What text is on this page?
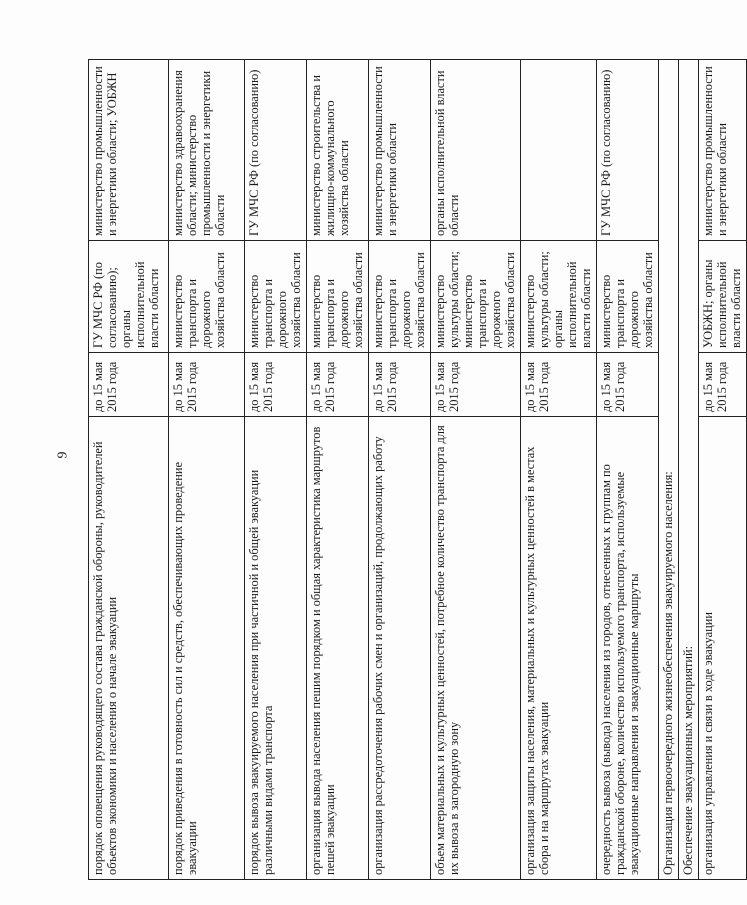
9 порядок оповещения руководящего состава гражданской обороны, руководителей объектов экономики и населения о начале эвакуации	до 15 мая 2015 года	ГУ МЧС РФ (по согласованию); органы исполнительной власти области	министерство промышленности и энергетики области; УОБЖН
порядок приведения в готовность сил и средств, обеспечивающих проведение эвакуации	до 15 мая 2015 года	министерство транспорта и дорожного хозяйства области	министерство здравоохранения области; министерство промышленности и энергетики области
порядок вывоза эвакуируемого населения при частичной и общей эвакуации различными видами транспорта	до 15 мая 2015 года	министерство транспорта и дорожного хозяйства области	ГУ МЧС РФ (по согласованию)
организация вывода населения пешим порядком и общая характеристика маршрутов пешей эвакуации	до 15 мая 2015 года	министерство транспорта и дорожного хозяйства области	министерство строительства и жилищно-коммунального хозяйства области
организация рассредоточения рабочих смен и организаций, продолжающих работу	до 15 мая 2015 года	министерство транспорта и дорожного хозяйства области	министерство промышленности и энергетики области
объем материальных и культурных ценностей, потребное количество транспорта для их вывоза в загородную зону	до 15 мая 2015 года	министерство культуры области; министерство транспорта и дорожного хозяйства области	органы исполнительной власти области
организация защиты населения, материальных и культурных ценностей в местах сбора и на маршрутах эвакуации	до 15 мая 2015 года	министерство культуры области; органы исполнительной власти области	
очередность вывоза (вывода) населения из городов, отнесенных к группам по гражданской обороне, количество используемого транспорта, используемые эвакуационные направления и эвакуационные маршруты	до 15 мая 2015 года	министерство транспорта и дорожного хозяйства области	ГУ МЧС РФ (по согласованию)
Организация первоочередного жизнеобеспечения эвакуируемого населения:			
Обеспечение эвакуационных мероприятий:			
организация управления и связи в ходе эвакуации	до 15 мая 2015 года	УОБЖН; органы исполнительной власти области	министерство промышленности и энергетики области
